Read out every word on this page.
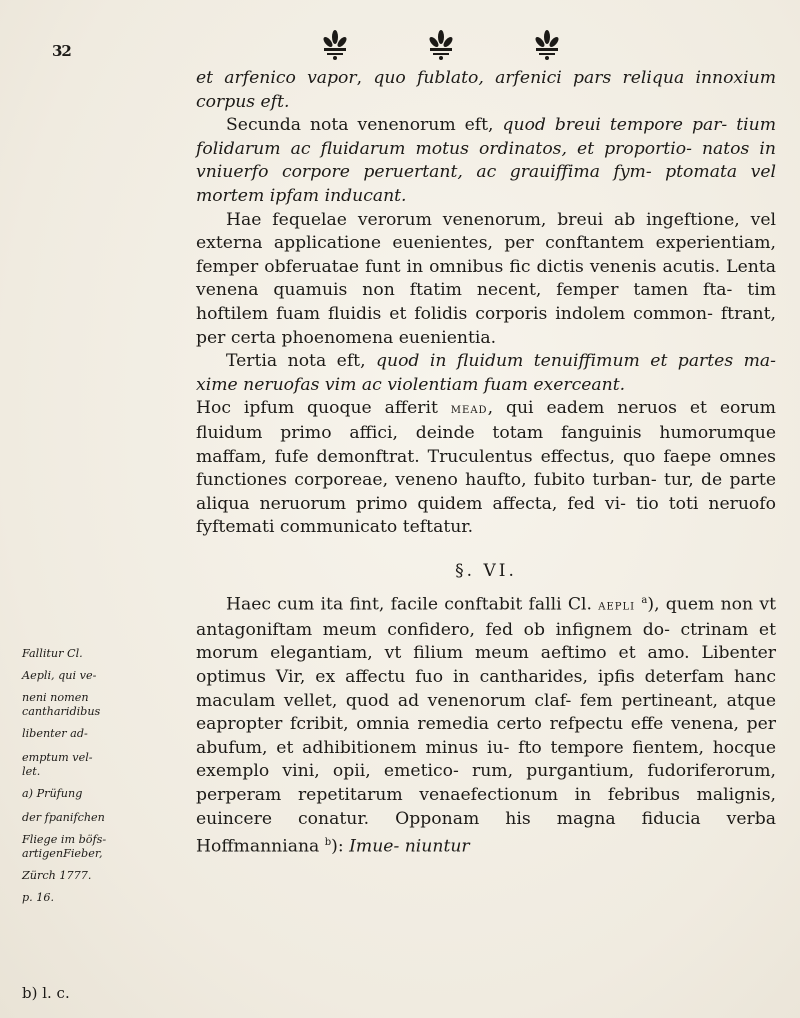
32

et arfenico vapor, quo fublato, arfenici pars reliqua innoxium corpus eft.

Secunda nota venenorum eft, quod breui tempore par- tium folidarum ac fluidarum motus ordinatos, et proportio- natos in vniuerfo corpore peruertant, ac grauiffima fym- ptomata vel mortem ipfam inducant.

Hae fequelae verorum venenorum, breui ab ingeftione, vel externa applicatione euenientes, per conftantem experientiam, femper obferuatae funt in omnibus fic dictis venenis acutis. Lenta venena quamuis non ftatim necent, femper tamen fta- tim hoftilem fuam fluidis et folidis corporis indolem common- ftrant, per certa phoenomena euenientia.

Tertia nota eft, quod in fluidum tenuiffimum et partes ma- xime neruofas vim ac violentiam fuam exerceant.

Hoc ipfum quoque afferit mead, qui eadem neruos et eorum fluidum primo affici, deinde totam fanguinis humorumque maffam, fufe demonftrat. Truculentus effectus, quo faepe omnes functiones corporeae, veneno haufto, fubito turban- tur, de parte aliqua neruorum primo quidem affecta, fed vi- tio toti neruofo fyftemati communicato teftatur.

§. VI.

Haec cum ita fint, facile conftabit falli Cl. aepli $^a$), quem non vt antagoniftam meum confidero, fed ob infignem do- ctrinam et morum elegantiam, vt filium meum aeftimo et amo. Libenter optimus Vir, ex affectu fuo in cantharides, ipfis deterfam hanc maculam vellet, quod ad venenorum claf- fem pertineant, atque eapropter fcribit, omnia remedia certo refpectu effe venena, per abufum, et adhibitionem minus iu- fto tempore fientem, hocque exemplo vini, opii, emetico- rum, purgantium, fudoriferorum, perperam repetitarum venaefectionum in febribus malignis, euincere conatur. Opponam his magna fiducia verba Hoffmanniana $^b$): Imue- niuntur

Fallitur Cl.
Aepli, qui ve-
neni nomen
cantharidibus
libenter ad-
emptum vel-
let.
a) Prüfung
der fpanifchen
Fliege im böfs-
artigenFieber,
Zürch 1777.
p. 16.
b) l. c.
